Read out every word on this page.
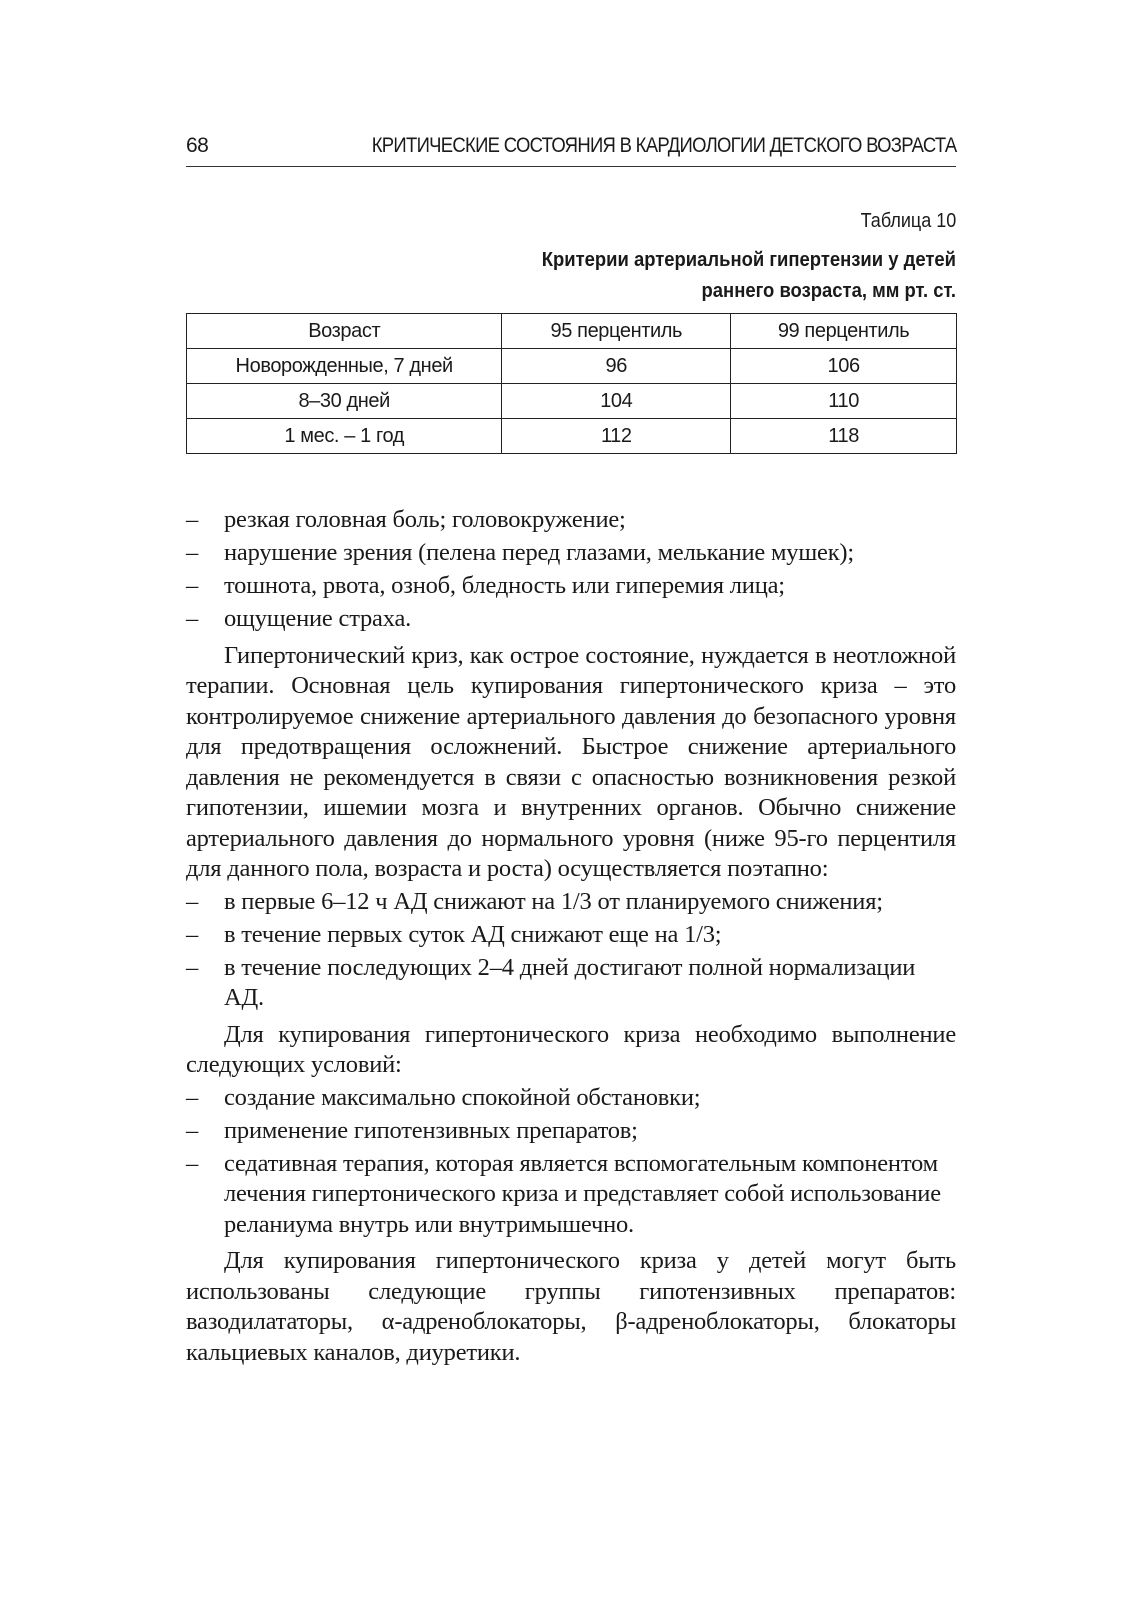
68	КРИТИЧЕСКИЕ СОСТОЯНИЯ В КАРДИОЛОГИИ ДЕТСКОГО ВОЗРАСТА
Таблица 10
Критерии артериальной гипертензии у детей
раннего возраста, мм рт. ст.
Возраст	95 перцентиль	99 перцентиль
Новорожденные, 7 дней	96	106
8–30 дней	104	110
1 мес. – 1 год	112	118
– резкая головная боль; головокружение;
– нарушение зрения (пелена перед глазами, мелькание мушек);
– тошнота, рвота, озноб, бледность или гиперемия лица;
– ощущение страха.

Гипертонический криз, как острое состояние, нуждается в неотложной терапии. Основная цель купирования гипертонического криза – это контролируемое снижение артериального давления до безопасного уровня для предотвращения осложнений. Быстрое снижение артериального давления не рекомендуется в связи с опасностью возникновения резкой гипотензии, ишемии мозга и внутренних органов. Обычно снижение артериального давления до нормального уровня (ниже 95-го перцентиля для данного пола, возраста и роста) осуществляется поэтапно:

– в первые 6–12 ч АД снижают на 1/3 от планируемого снижения;
– в течение первых суток АД снижают еще на 1/3;
– в течение последующих 2–4 дней достигают полной нормализации АД.

Для купирования гипертонического криза необходимо выполнение следующих условий:

– создание максимально спокойной обстановки;
– применение гипотензивных препаратов;
– седативная терапия, которая является вспомогательным компонентом лечения гипертонического криза и представляет собой использование реланиума внутрь или внутримышечно.

Для купирования гипертонического криза у детей могут быть использованы следующие группы гипотензивных препаратов: вазодилататоры, α-адреноблокаторы, β-адреноблокаторы, блокаторы кальциевых каналов, диуретики.
